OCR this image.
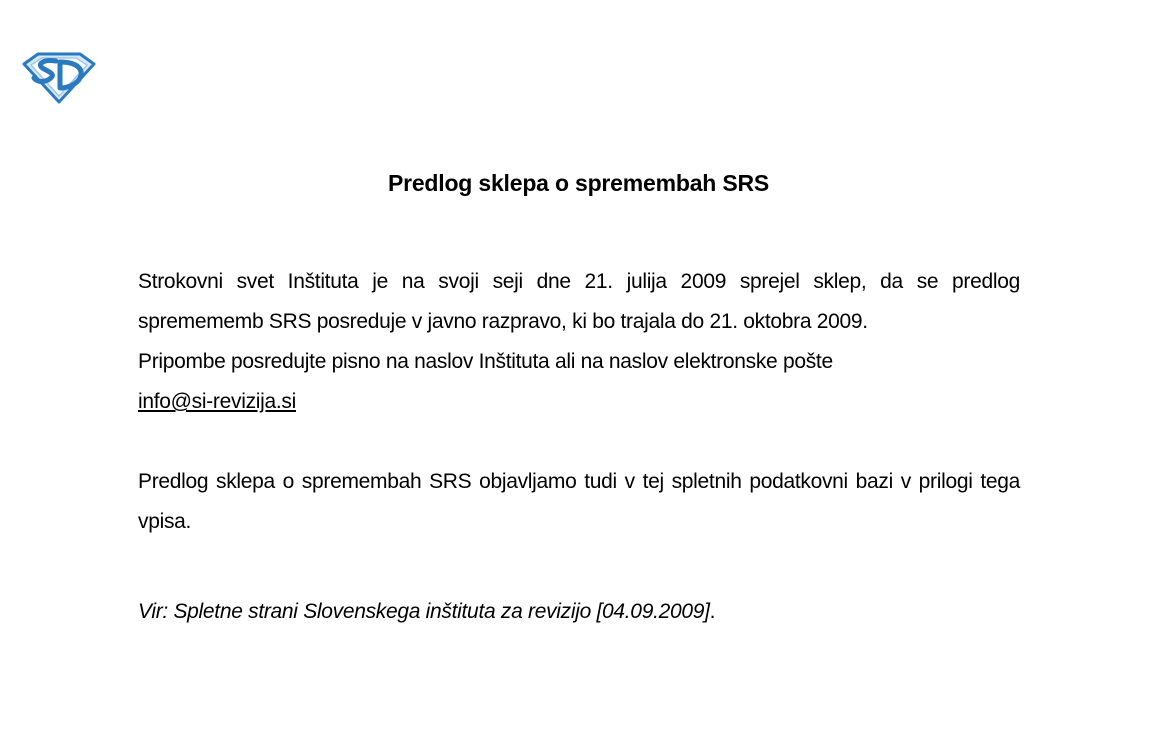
Predlog sklepa o spremembah SRS

Strokovni svet Inštituta je na svoji seji dne 21. julija 2009 sprejel sklep, da se predlog spremememb SRS posreduje v javno razpravo, ki bo trajala do 21. oktobra 2009.
Pripombe posredujte pisno na naslov Inštituta ali na naslov elektronske pošte
info@si-revizija.si

Predlog sklepa o spremembah SRS objavljamo tudi v tej spletnih podatkovni bazi v prilogi tega vpisa.

Vir: Spletne strani Slovenskega inštituta za revizijo [04.09.2009].
